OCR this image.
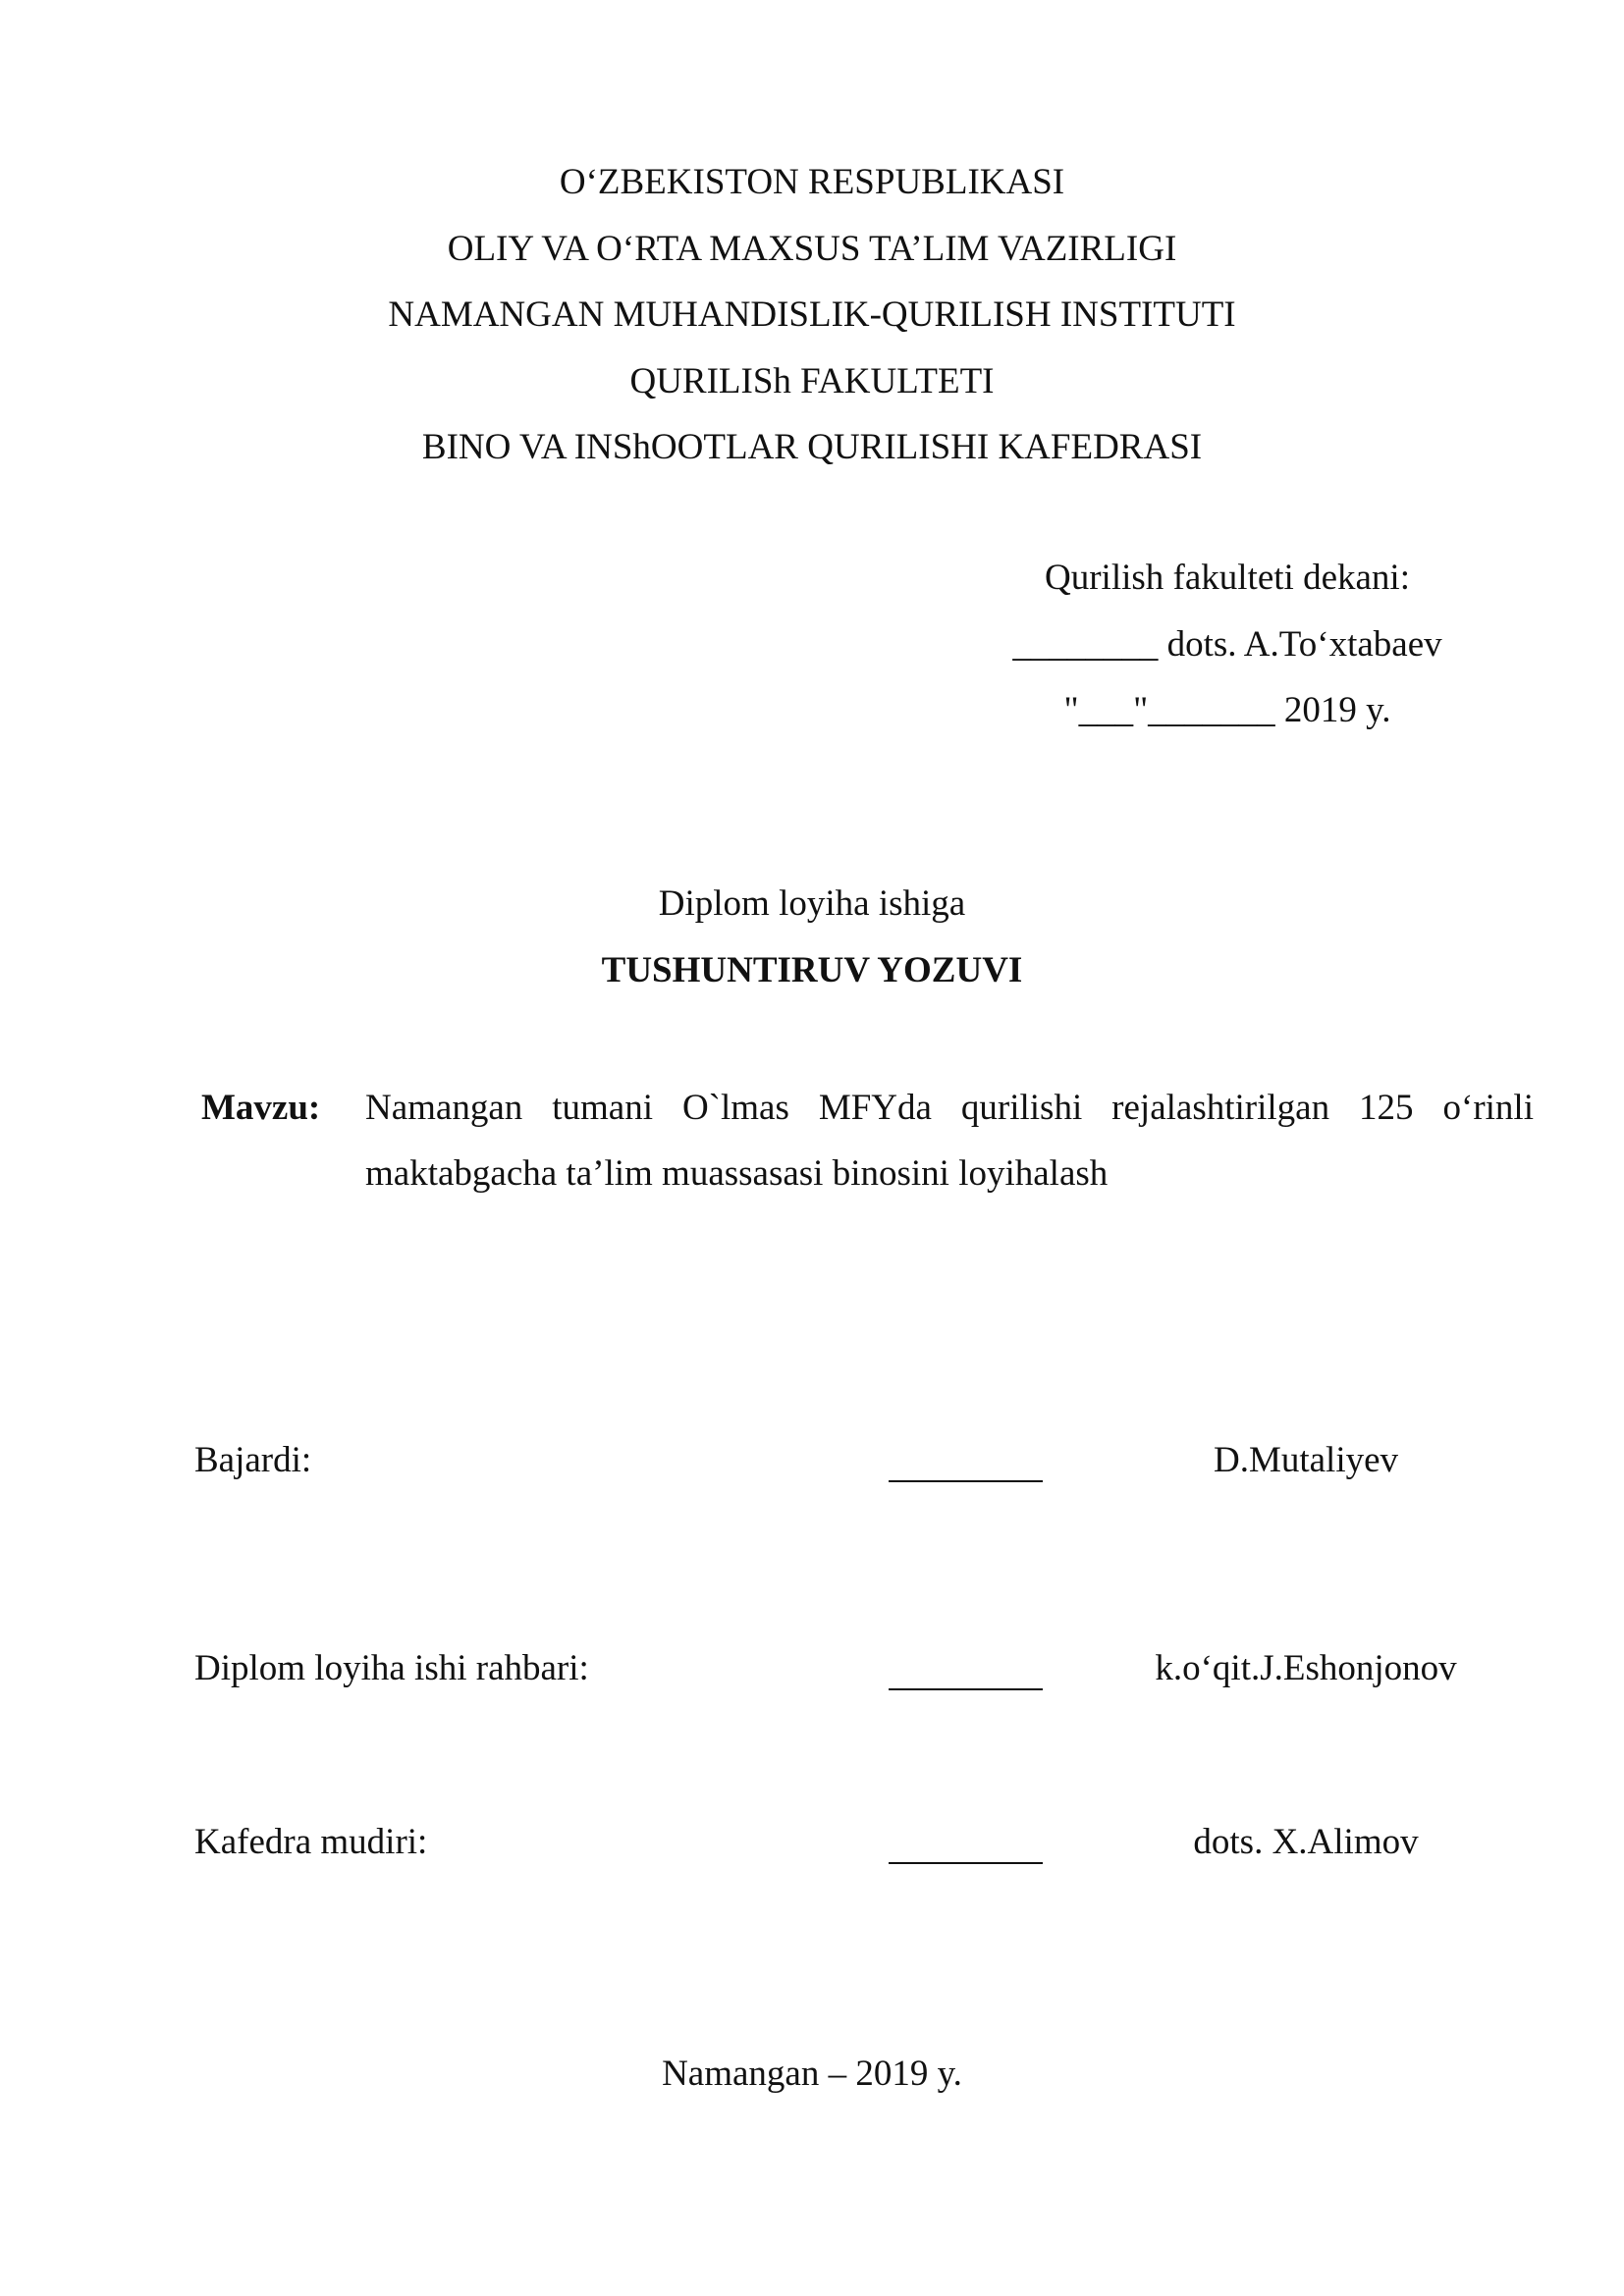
O‘ZBEKISTON RESPUBLIKASI
OLIY VA O‘RTA MAXSUS TA’LIM VAZIRLIGI
NAMANGAN MUHANDISLIK-QURILISH INSTITUTI
QURILISh FAKULTETI
BINO VA INShOOTLAR QURILISHI KAFEDRASI
Qurilish fakulteti dekani:
________ dots. A.To‘xtabaev
"___"_______ 2019 y.
Diplom loyiha ishiga
TUSHUNTIRUV YOZUVI
Mavzu: Namangan tumani O`lmas MFYda qurilishi rejalashtirilgan 125 o‘rinli maktabgacha ta’lim muassasasi binosini loyihalash
Bajardi:	D.Mutaliyev
Diplom loyiha ishi rahbari:	k.o‘qit.J.Eshonjonov
Kafedra mudiri:	dots. X.Alimov
Namangan – 2019 y.
